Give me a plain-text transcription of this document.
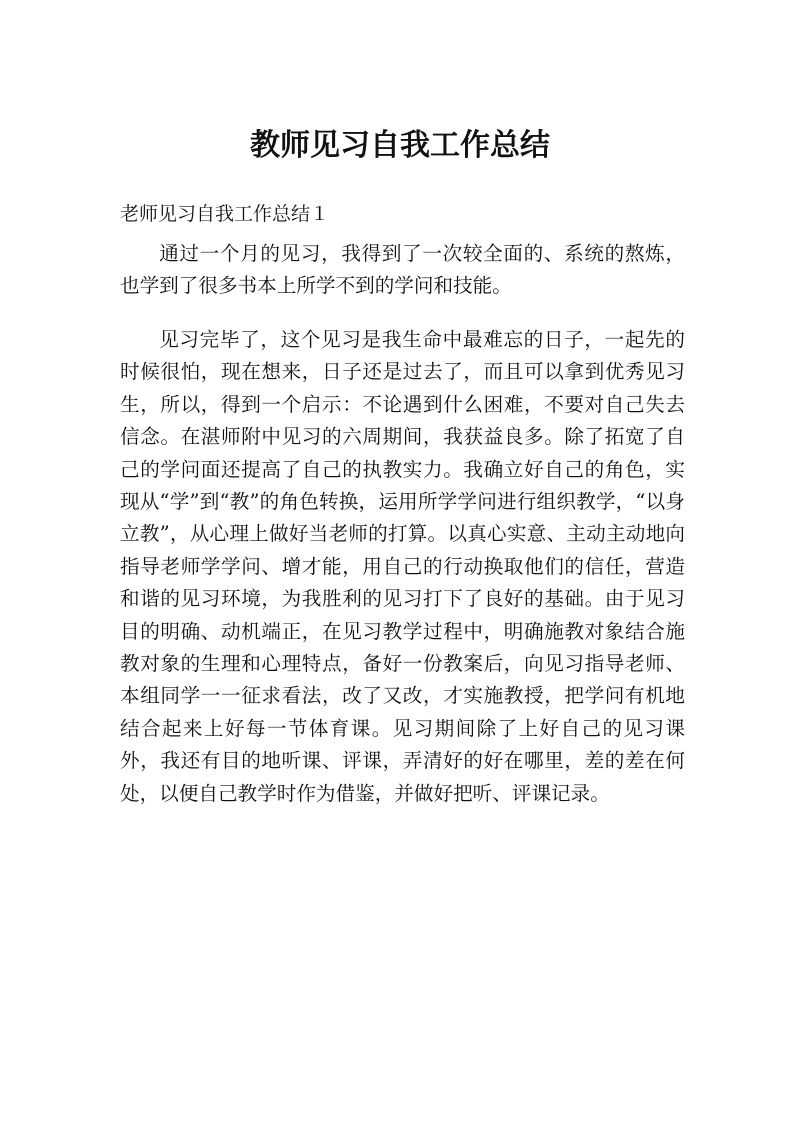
教师见习自我工作总结

老师见习自我工作总结１

通过一个月的见习，我得到了一次较全面的、系统的熬炼，也学到了很多书本上所学不到的学问和技能。

见习完毕了，这个见习是我生命中最难忘的日子，一起先的时候很怕，现在想来，日子还是过去了，而且可以拿到优秀见习生，所以，得到一个启示：不论遇到什么困难，不要对自己失去信念。在湛师附中见习的六周期间，我获益良多。除了拓宽了自己的学问面还提高了自己的执教实力。我确立好自己的角色，实现从“学”到“教”的角色转换，运用所学学问进行组织教学，“以身立教”，从心理上做好当老师的打算。以真心实意、主动主动地向指导老师学学问、增才能，用自己的行动换取他们的信任，营造和谐的见习环境，为我胜利的见习打下了良好的基础。由于见习目的明确、动机端正，在见习教学过程中，明确施教对象结合施教对象的生理和心理特点，备好一份教案后，向见习指导老师、本组同学一一征求看法，改了又改，才实施教授，把学问有机地结合起来上好每一节体育课。见习期间除了上好自己的见习课外，我还有目的地听课、评课，弄清好的好在哪里，差的差在何处，以便自己教学时作为借鉴，并做好把听、评课记录。
